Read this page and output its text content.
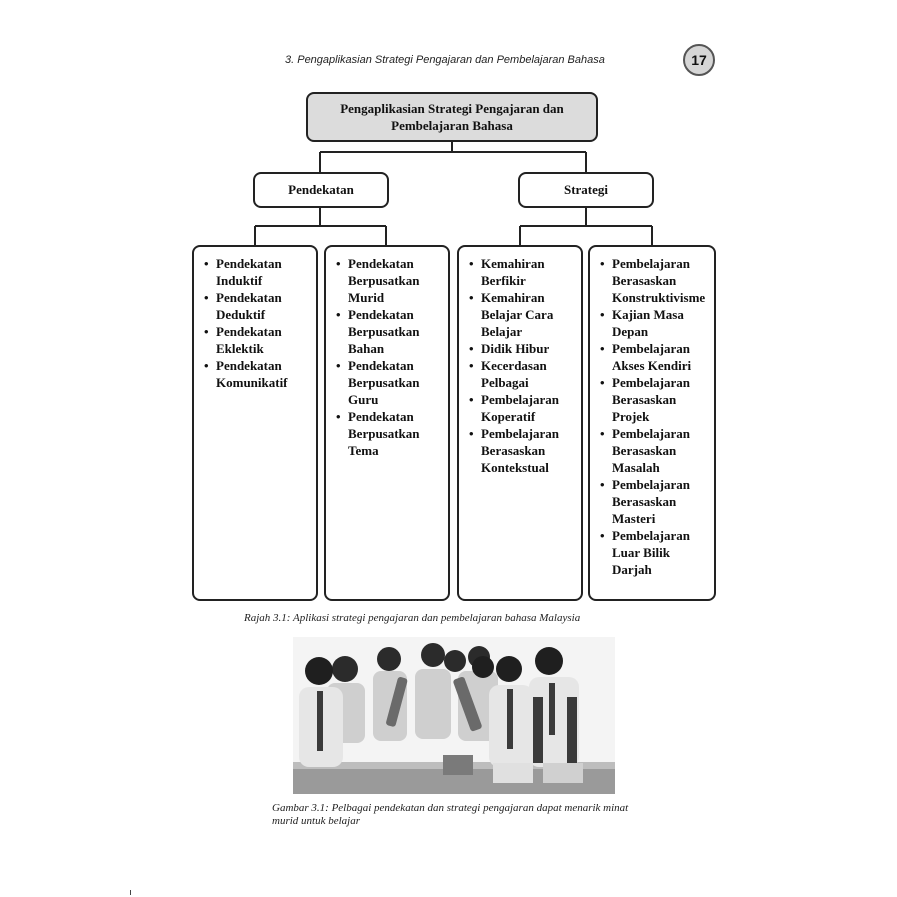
3. Pengaplikasian Strategi Pengajaran dan Pembelajaran Bahasa	17
Pengaplikasian Strategi Pengajaran dan Pembelajaran Bahasa
Pendekatan	Strategi
• Pendekatan Induktif
• Pendekatan Deduktif
• Pendekatan Eklektik
• Pendekatan Komunikatif
• Pendekatan Berpusatkan Murid
• Pendekatan Berpusatkan Bahan
• Pendekatan Berpusatkan Guru
• Pendekatan Berpusatkan Tema
• Kemahiran Berfikir
• Kemahiran Belajar Cara Belajar
• Didik Hibur
• Kecerdasan Pelbagai
• Pembelajaran Koperatif
• Pembelajaran Berasaskan Kontekstual
• Pembelajaran Berasaskan Konstruktivisme
• Kajian Masa Depan
• Pembelajaran Akses Kendiri
• Pembelajaran Berasaskan Projek
• Pembelajaran Berasaskan Masalah
• Pembelajaran Berasaskan Masteri
• Pembelajaran Luar Bilik Darjah
Rajah 3.1: Aplikasi strategi pengajaran dan pembelajaran bahasa Malaysia
Gambar 3.1: Pelbagai pendekatan dan strategi pengajaran dapat menarik minat murid untuk belajar
